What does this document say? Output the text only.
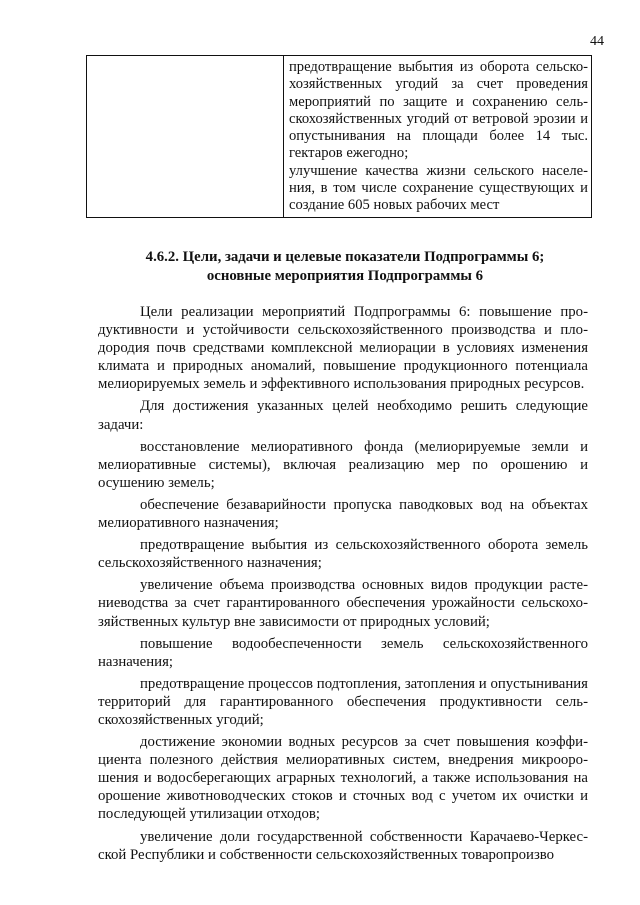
44

предотвращение выбытия из оборота сельскохозяйственных угодий за счет проведения мероприятий по защите и сохранению сельскохозяйственных угодий от ветровой эрозии и опустынивания на площади более 14 тыс. гектаров ежегодно;
улучшение качества жизни сельского населения, в том числе сохранение существующих и создание 605 новых рабочих мест
4.6.2. Цели, задачи и целевые показатели Подпрограммы 6;
основные мероприятия Подпрограммы 6

Цели реализации мероприятий Подпрограммы 6: повышение продуктивности и устойчивости сельскохозяйственного производства и плодородия почв средствами комплексной мелиорации в условиях изменения климата и природных аномалий, повышение продукционного потенциала мелиорируемых земель и эффективного использования природных ресурсов.

Для достижения указанных целей необходимо решить следующие задачи:

восстановление мелиоративного фонда (мелиорируемые земли и мелиоративные системы), включая реализацию мер по орошению и осушению земель;

обеспечение безаварийности пропуска паводковых вод на объектах мелиоративного назначения;

предотвращение выбытия из сельскохозяйственного оборота земель сельскохозяйственного назначения;

увеличение объема производства основных видов продукции растениеводства за счет гарантированного обеспечения урожайности сельскохозяйственных культур вне зависимости от природных условий;

повышение водообеспеченности земель сельскохозяйственного назначения;

предотвращение процессов подтопления, затопления и опустынивания территорий для гарантированного обеспечения продуктивности сельскохозяйственных угодий;

достижение экономии водных ресурсов за счет повышения коэффициента полезного действия мелиоративных систем, внедрения микроорошения и водосберегающих аграрных технологий, а также использования на орошение животноводческих стоков и сточных вод с учетом их очистки и последующей утилизации отходов;

увеличение доли государственной собственности Карачаево-Черкесской Республики и собственности сельскохозяйственных товаропроизво
